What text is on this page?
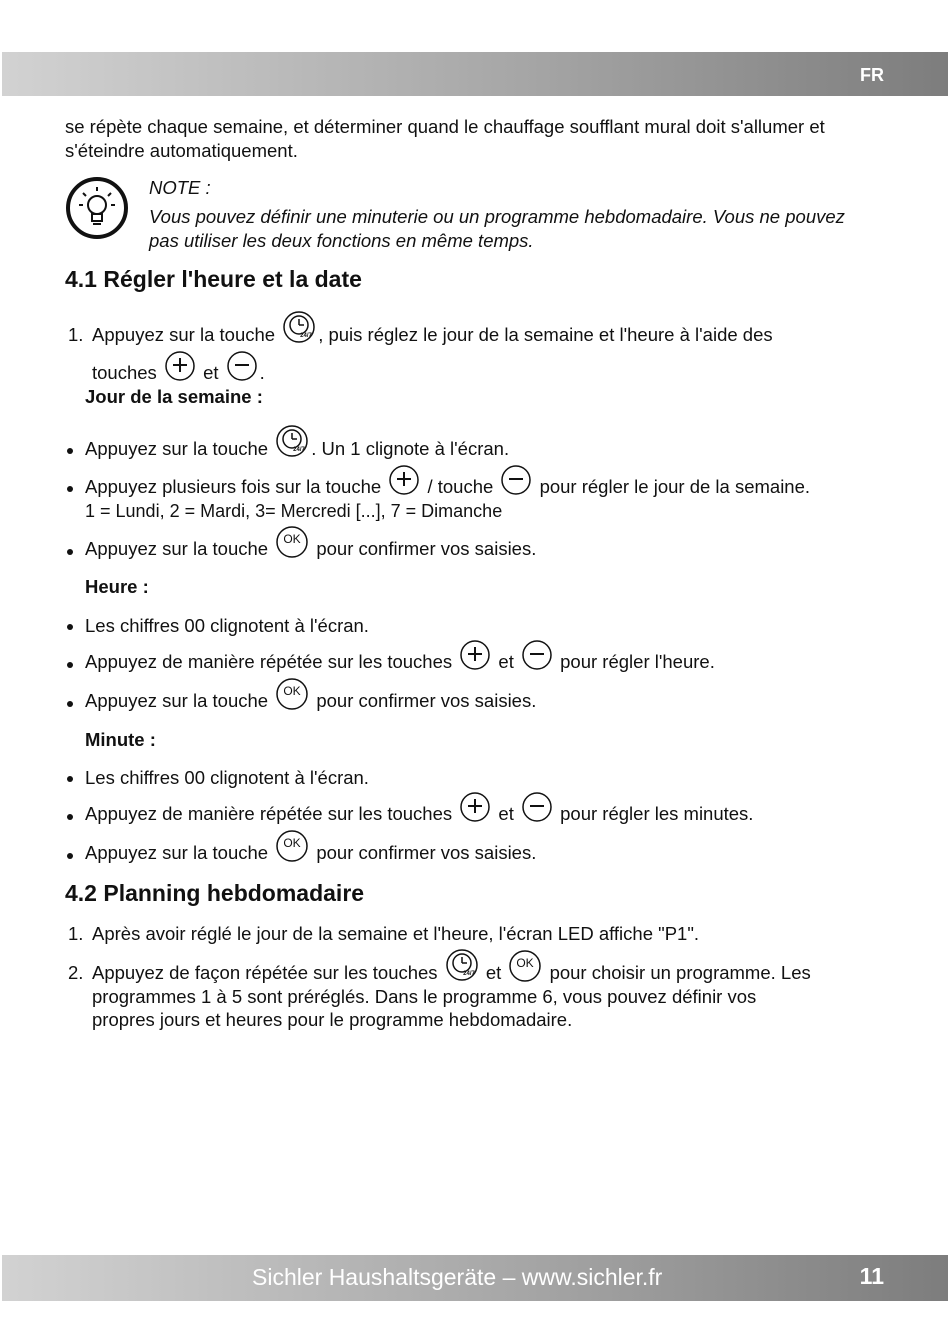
FR

se répète chaque semaine, et déterminer quand le chauffage soufflant mural doit s'allumer et s'éteindre automatiquement.

NOTE :
Vous pouvez définir une minuterie ou un programme hebdomadaire. Vous ne pouvez pas utiliser les deux fonctions en même temps.
4.1 Régler l'heure et la date
1. Appuyez sur la touche	24/7 , puis réglez le jour de la semaine et l'heure à l'aide des
touches	et .
Jour de la semaine :
Appuyez sur la touche	24/7 . Un 1 clignote à l'écran.
Appuyez plusieurs fois sur la touche	/ touche	pour régler le jour de la semaine.
1 = Lundi, 2 = Mardi, 3= Mercredi [...], 7 = Dimanche
Appuyez sur la touche OK pour confirmer vos saisies.
Heure :
Les chiffres 00 clignotent à l'écran.
Appuyez de manière répétée sur les touches	et	pour régler l'heure.
Appuyez sur la touche OK pour confirmer vos saisies.
Minute :
Les chiffres 00 clignotent à l'écran.
Appuyez de manière répétée sur les touches	et	pour régler les minutes.
Appuyez sur la touche OK pour confirmer vos saisies.
4.2 Planning hebdomadaire
1. Après avoir réglé le jour de la semaine et l'heure, l'écran LED affiche "P1".
2. Appuyez de façon répétée sur les touches	24/7 et OK pour choisir un programme. Les
programmes 1 à 5 sont préréglés. Dans le programme 6, vous pouvez définir vos
propres jours et heures pour le programme hebdomadaire.
Sichler Haushaltsgeräte – www.sichler.fr	11
